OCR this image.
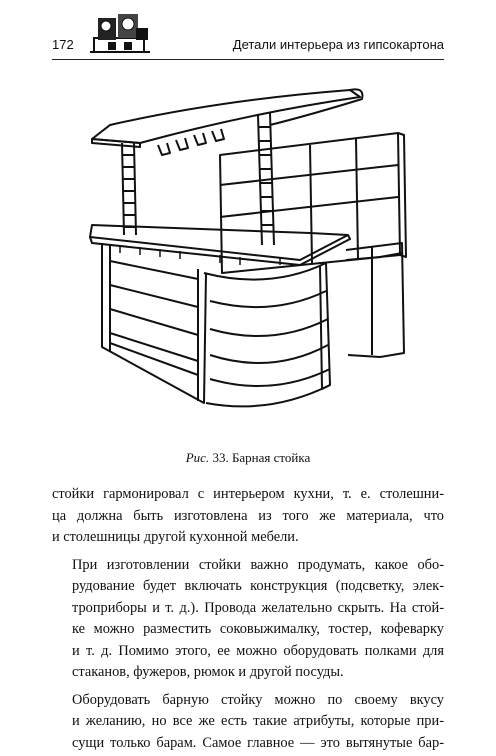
172	Детали интерьера из гипсокартона
Рис. 33. Барная стойка

стойки гармонировал с интерьером кухни, т. е. столешни-
ца должна быть изготовлена из того же материала, что
и столешницы другой кухонной мебели.

При изготовлении стойки важно продумать, какое обо-
рудование будет включать конструкция (подсветку, элек-
троприборы и т. д.). Провода желательно скрыть. На стой-
ке можно разместить соковыжималку, тостер, кофеварку
и т. д. Помимо этого, ее можно оборудовать полками для
стаканов, фужеров, рюмок и другой посуды.

Оборудовать барную стойку можно по своему вкусу
и желанию, но все же есть такие атрибуты, которые при-
сущи только барам. Самое главное — это вытянутые бар-
